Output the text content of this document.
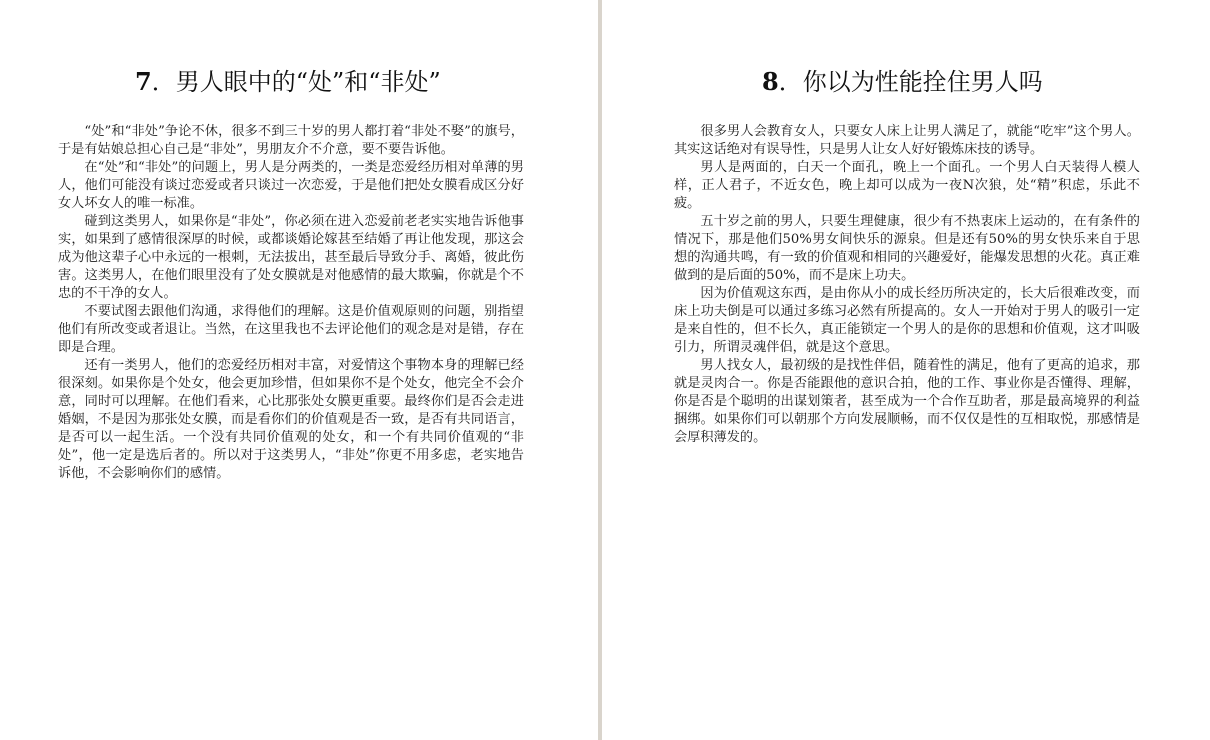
7．男人眼中的“处”和“非处”

“处”和“非处”争论不休，很多不到三十岁的男人都打着“非处不娶”的旗号，于是有姑娘总担心自己是“非处”，男朋友介不介意，要不要告诉他。

在“处”和“非处”的问题上，男人是分两类的，一类是恋爱经历相对单薄的男人，他们可能没有谈过恋爱或者只谈过一次恋爱，于是他们把处女膜看成区分好女人坏女人的唯一标准。

碰到这类男人，如果你是“非处”，你必须在进入恋爱前老老实实地告诉他事实，如果到了感情很深厚的时候，或都谈婚论嫁甚至结婚了再让他发现，那这会成为他这辈子心中永远的一根刺，无法拔出，甚至最后导致分手、离婚，彼此伤害。这类男人，在他们眼里没有了处女膜就是对他感情的最大欺骗，你就是个不忠的不干净的女人。

不要试图去跟他们沟通，求得他们的理解。这是价值观原则的问题，别指望他们有所改变或者退让。当然，在这里我也不去评论他们的观念是对是错，存在即是合理。

还有一类男人，他们的恋爱经历相对丰富，对爱情这个事物本身的理解已经很深刻。如果你是个处女，他会更加珍惜，但如果你不是个处女，他完全不会介意，同时可以理解。在他们看来，心比那张处女膜更重要。最终你们是否会走进婚姻，不是因为那张处女膜，而是看你们的价值观是否一致，是否有共同语言，是否可以一起生活。一个没有共同价值观的处女，和一个有共同价值观的“非处”，他一定是选后者的。所以对于这类男人，“非处”你更不用多虑，老实地告诉他，不会影响你们的感情。

8．你以为性能拴住男人吗

很多男人会教育女人，只要女人床上让男人满足了，就能“吃牢”这个男人。其实这话绝对有误导性，只是男人让女人好好锻炼床技的诱导。

男人是两面的，白天一个面孔，晚上一个面孔。一个男人白天装得人模人样，正人君子，不近女色，晚上却可以成为一夜N次狼，处“精”积虑，乐此不疲。

五十岁之前的男人，只要生理健康，很少有不热衷床上运动的，在有条件的情况下，那是他们50%男女间快乐的源泉。但是还有50%的男女快乐来自于思想的沟通共鸣，有一致的价值观和相同的兴趣爱好，能爆发思想的火花。真正难做到的是后面的50%，而不是床上功夫。

因为价值观这东西，是由你从小的成长经历所决定的，长大后很难改变，而床上功夫倒是可以通过多练习必然有所提高的。女人一开始对于男人的吸引一定是来自性的，但不长久，真正能锁定一个男人的是你的思想和价值观，这才叫吸引力，所谓灵魂伴侣，就是这个意思。

男人找女人，最初级的是找性伴侣，随着性的满足，他有了更高的追求，那就是灵肉合一。你是否能跟他的意识合拍，他的工作、事业你是否懂得、理解，你是否是个聪明的出谋划策者，甚至成为一个合作互助者，那是最高境界的利益捆绑。如果你们可以朝那个方向发展顺畅，而不仅仅是性的互相取悦，那感情是会厚积薄发的。
